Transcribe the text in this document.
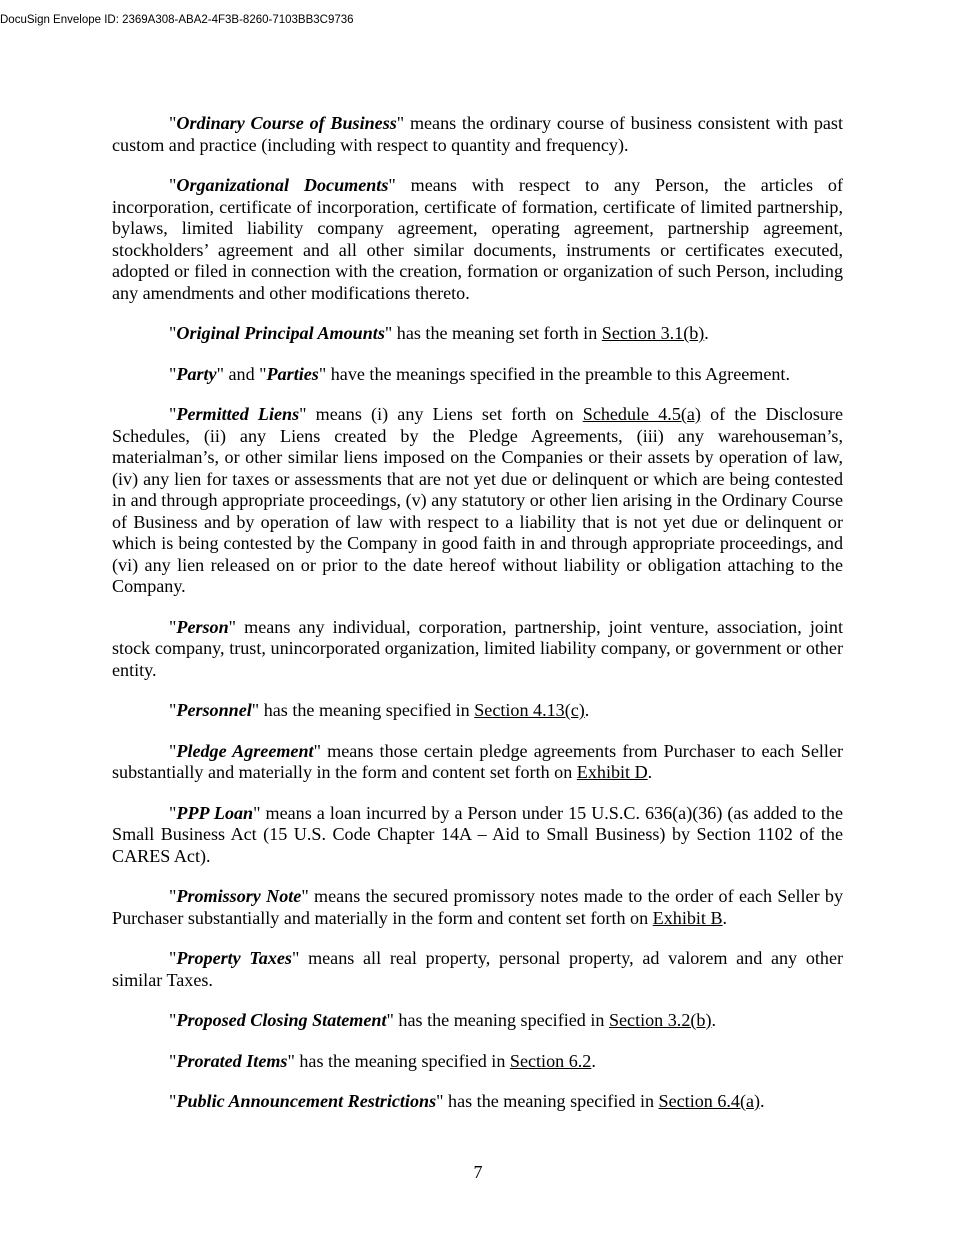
DocuSign Envelope ID: 2369A308-ABA2-4F3B-8260-7103BB3C9736

"Ordinary Course of Business" means the ordinary course of business consistent with past custom and practice (including with respect to quantity and frequency).

"Organizational Documents" means with respect to any Person, the articles of incorporation, certificate of incorporation, certificate of formation, certificate of limited partnership, bylaws, limited liability company agreement, operating agreement, partnership agreement, stockholders’ agreement and all other similar documents, instruments or certificates executed, adopted or filed in connection with the creation, formation or organization of such Person, including any amendments and other modifications thereto.

"Original Principal Amounts" has the meaning set forth in Section 3.1(b).

"Party" and "Parties" have the meanings specified in the preamble to this Agreement.

"Permitted Liens" means (i) any Liens set forth on Schedule 4.5(a) of the Disclosure Schedules, (ii) any Liens created by the Pledge Agreements, (iii) any warehouseman’s, materialman’s, or other similar liens imposed on the Companies or their assets by operation of law, (iv) any lien for taxes or assessments that are not yet due or delinquent or which are being contested in and through appropriate proceedings, (v) any statutory or other lien arising in the Ordinary Course of Business and by operation of law with respect to a liability that is not yet due or delinquent or which is being contested by the Company in good faith in and through appropriate proceedings, and (vi) any lien released on or prior to the date hereof without liability or obligation attaching to the Company.

"Person" means any individual, corporation, partnership, joint venture, association, joint stock company, trust, unincorporated organization, limited liability company, or government or other entity.

"Personnel" has the meaning specified in Section 4.13(c).

"Pledge Agreement" means those certain pledge agreements from Purchaser to each Seller substantially and materially in the form and content set forth on Exhibit D.

"PPP Loan" means a loan incurred by a Person under 15 U.S.C. 636(a)(36) (as added to the Small Business Act (15 U.S. Code Chapter 14A – Aid to Small Business) by Section 1102 of the CARES Act).

"Promissory Note" means the secured promissory notes made to the order of each Seller by Purchaser substantially and materially in the form and content set forth on Exhibit B.

"Property Taxes" means all real property, personal property, ad valorem and any other similar Taxes.

"Proposed Closing Statement" has the meaning specified in Section 3.2(b).

"Prorated Items" has the meaning specified in Section 6.2.

"Public Announcement Restrictions" has the meaning specified in Section 6.4(a).

7
